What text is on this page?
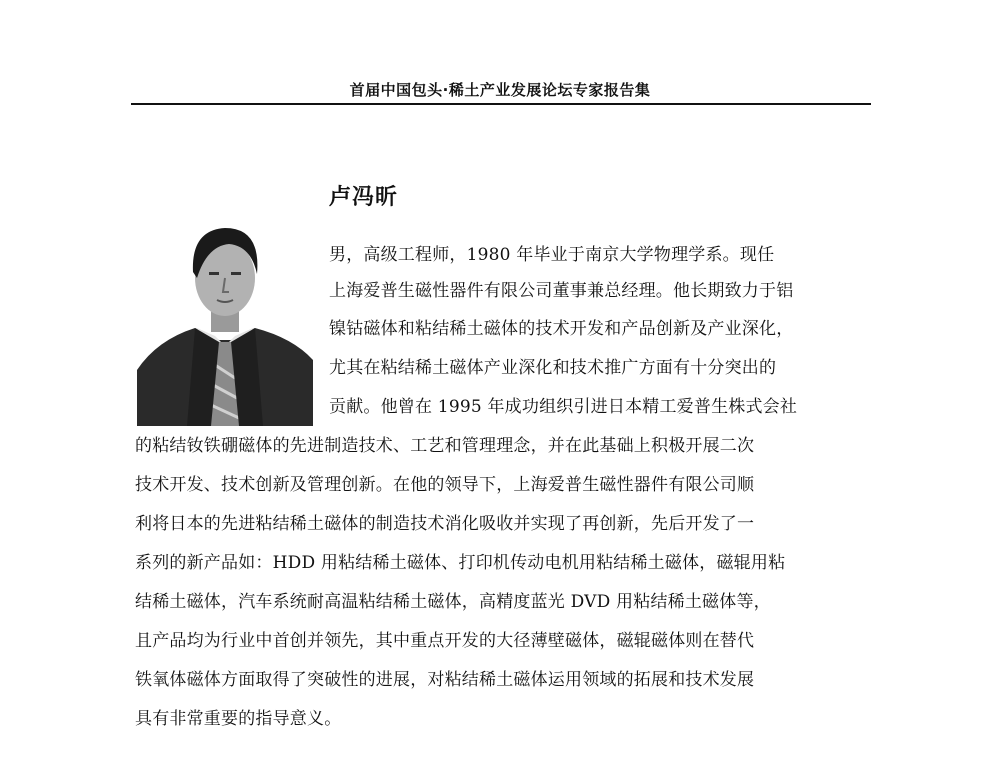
首届中国包头·稀土产业发展论坛专家报告集
卢冯昕
男，高级工程师，1980 年毕业于南京大学物理学系。现任
上海爱普生磁性器件有限公司董事兼总经理。他长期致力于铝
镍钴磁体和粘结稀土磁体的技术开发和产品创新及产业深化，
尤其在粘结稀土磁体产业深化和技术推广方面有十分突出的
贡献。他曾在 1995 年成功组织引进日本精工爱普生株式会社
的粘结钕铁硼磁体的先进制造技术、工艺和管理理念，并在此基础上积极开展二次
技术开发、技术创新及管理创新。在他的领导下，上海爱普生磁性器件有限公司顺
利将日本的先进粘结稀土磁体的制造技术消化吸收并实现了再创新，先后开发了一
系列的新产品如：HDD 用粘结稀土磁体、打印机传动电机用粘结稀土磁体，磁辊用粘
结稀土磁体，汽车系统耐高温粘结稀土磁体，高精度蓝光 DVD 用粘结稀土磁体等，
且产品均为行业中首创并领先，其中重点开发的大径薄壁磁体，磁辊磁体则在替代
铁氧体磁体方面取得了突破性的进展，对粘结稀土磁体运用领域的拓展和技术发展
具有非常重要的指导意义。
